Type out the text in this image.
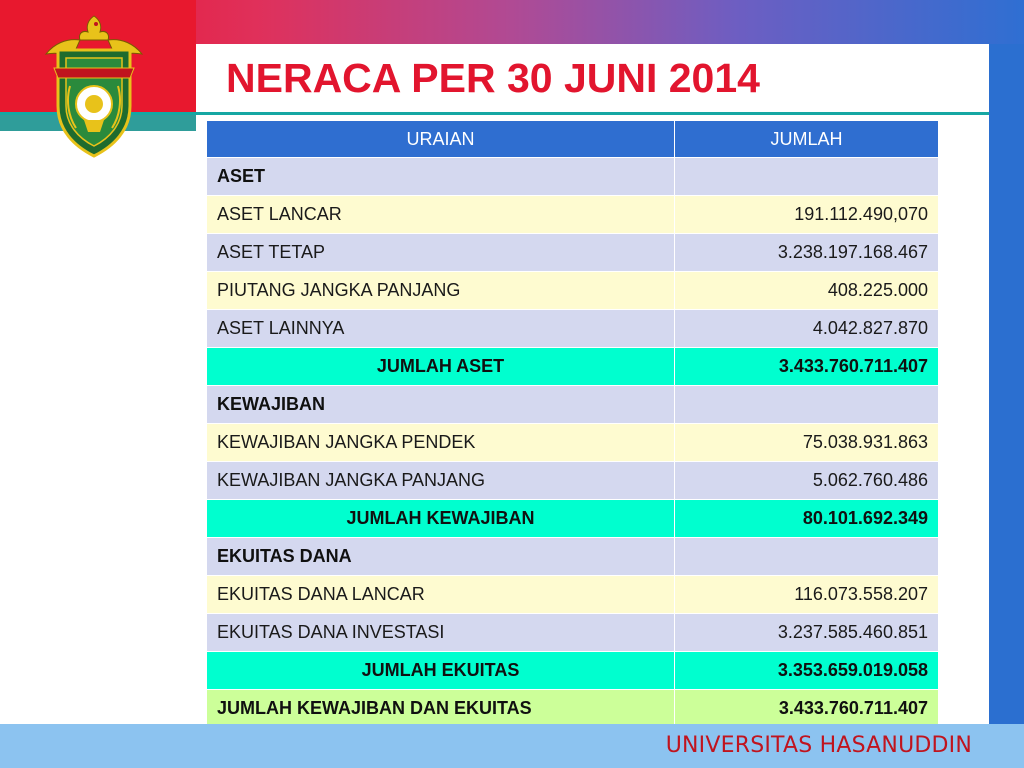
NERACA PER 30 JUNI 2014
URAIAN	JUMLAH
ASET	
ASET LANCAR	191.112.490,070
ASET TETAP	3.238.197.168.467
PIUTANG JANGKA PANJANG	408.225.000
ASET LAINNYA	4.042.827.870
JUMLAH ASET	3.433.760.711.407
KEWAJIBAN	
KEWAJIBAN JANGKA PENDEK	75.038.931.863
KEWAJIBAN JANGKA PANJANG	5.062.760.486
JUMLAH KEWAJIBAN	80.101.692.349
EKUITAS DANA	
EKUITAS DANA LANCAR	116.073.558.207
EKUITAS DANA INVESTASI	3.237.585.460.851
JUMLAH EKUITAS	3.353.659.019.058
JUMLAH KEWAJIBAN DAN EKUITAS	3.433.760.711.407
UNIVERSITAS HASANUDDIN
